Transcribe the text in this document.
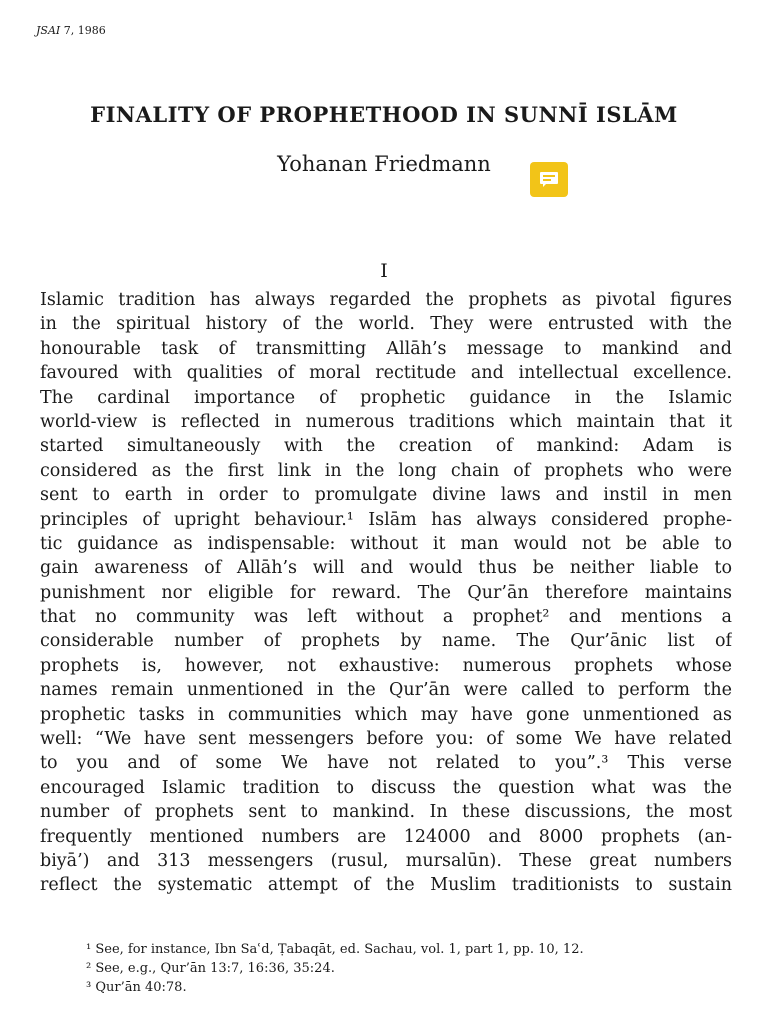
JSAI 7, 1986
FINALITY OF PROPHETHOOD IN SUNNĪ ISLĀM
Yohanan Friedmann
I
Islamic tradition has always regarded the prophets as pivotal figures
in the spiritual history of the world. They were entrusted with the
honourable task of transmitting Allāh’s message to mankind and
favoured with qualities of moral rectitude and intellectual excellence.
The cardinal importance of prophetic guidance in the Islamic
world-view is reflected in numerous traditions which maintain that it
started simultaneously with the creation of mankind: Adam is
considered as the first link in the long chain of prophets who were
sent to earth in order to promulgate divine laws and instil in men
principles of upright behaviour.¹ Islām has always considered prophe-
tic guidance as indispensable: without it man would not be able to
gain awareness of Allāh’s will and would thus be neither liable to
punishment nor eligible for reward. The Qur’ān therefore maintains
that no community was left without a prophet² and mentions a
considerable number of prophets by name. The Qur’ānic list of
prophets is, however, not exhaustive: numerous prophets whose
names remain unmentioned in the Qur’ān were called to perform the
prophetic tasks in communities which may have gone unmentioned as
well: “We have sent messengers before you: of some We have related
to you and of some We have not related to you”.³ This verse
encouraged Islamic tradition to discuss the question what was the
number of prophets sent to mankind. In these discussions, the most
frequently mentioned numbers are 124000 and 8000 prophets (an-
biyā’) and 313 messengers (rusul, mursalūn). These great numbers
reflect the systematic attempt of the Muslim traditionists to sustain
¹ See, for instance, Ibn Saʿd, Ṭabaqāt, ed. Sachau, vol. 1, part 1, pp. 10, 12.
² See, e.g., Qur’ān 13:7, 16:36, 35:24.
³ Qur’ān 40:78.
